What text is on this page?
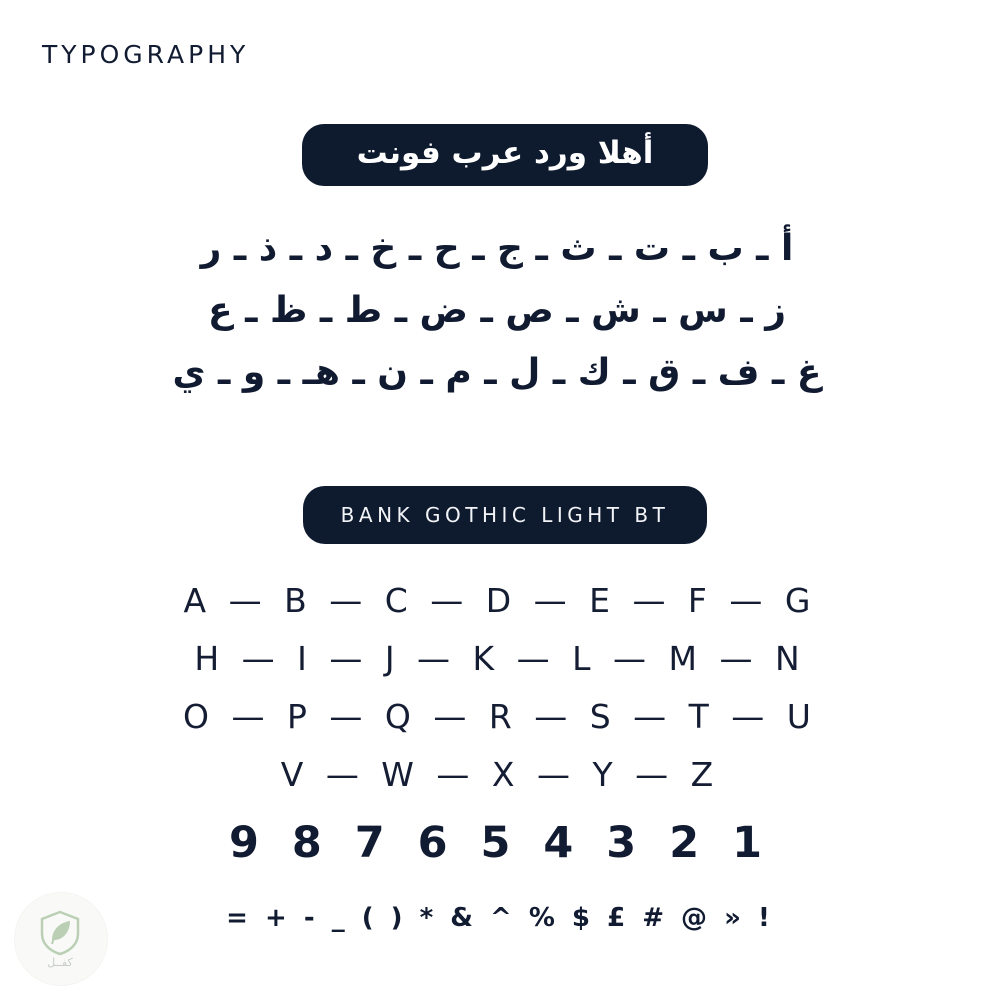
TYPOGRAPHY
أهلا ورد عرب فونت
أ ـ ب ـ ت ـ ث ـ ج ـ ح ـ خ ـ د ـ ذ ـ ر
ز ـ س ـ ش ـ ص ـ ض ـ ط ـ ظ ـ ع
غ ـ ف ـ ق ـ ك ـ ل ـ م ـ ن ـ هـ ـ و ـ ي
BANK GOTHIC LIGHT BT
A — B — C — D — E — F — G
H — I — J — K — L — M — N
O — P — Q — R — S — T — U
V — W — X — Y — Z
9 8 7 6 5 4 3 2 1
= + - _ ( ) * & ^ % $ £ # @ » !
كفــل
